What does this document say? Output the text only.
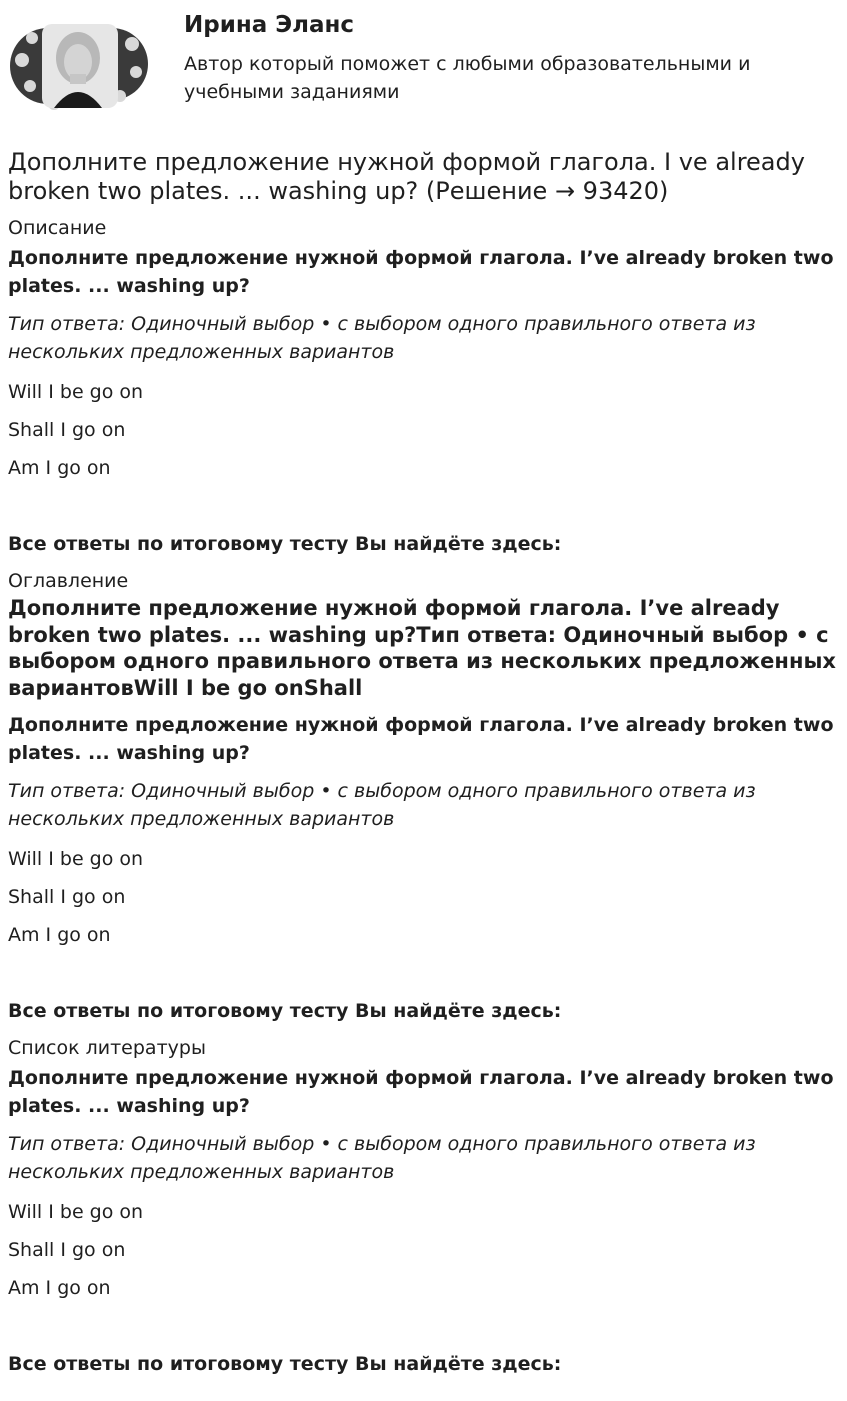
Ирина Эланс
Автор который поможет с любыми образовательными и учебными заданиями
Дополните предложение нужной формой глагола. I ve already broken two plates. ... washing up? (Решение → 93420)
Описание
Дополните предложение нужной формой глагола. I’ve already broken two plates. ... washing up?
Тип ответа: Одиночный выбор • с выбором одного правильного ответа из нескольких предложенных вариантов
Will I be go on
Shall I go on
Am I go on
Все ответы по итоговому тесту Вы найдёте здесь:
Оглавление
Дополните предложение нужной формой глагола. I’ve already broken two plates. ... washing up?Тип ответа: Одиночный выбор • с выбором одного правильного ответа из нескольких предложенных вариантовWill I be go onShall
Дополните предложение нужной формой глагола. I’ve already broken two plates. ... washing up?
Тип ответа: Одиночный выбор • с выбором одного правильного ответа из нескольких предложенных вариантов
Will I be go on
Shall I go on
Am I go on
Все ответы по итоговому тесту Вы найдёте здесь:
Список литературы
Дополните предложение нужной формой глагола. I’ve already broken two plates. ... washing up?
Тип ответа: Одиночный выбор • с выбором одного правильного ответа из нескольких предложенных вариантов
Will I be go on
Shall I go on
Am I go on
Все ответы по итоговому тесту Вы найдёте здесь:
